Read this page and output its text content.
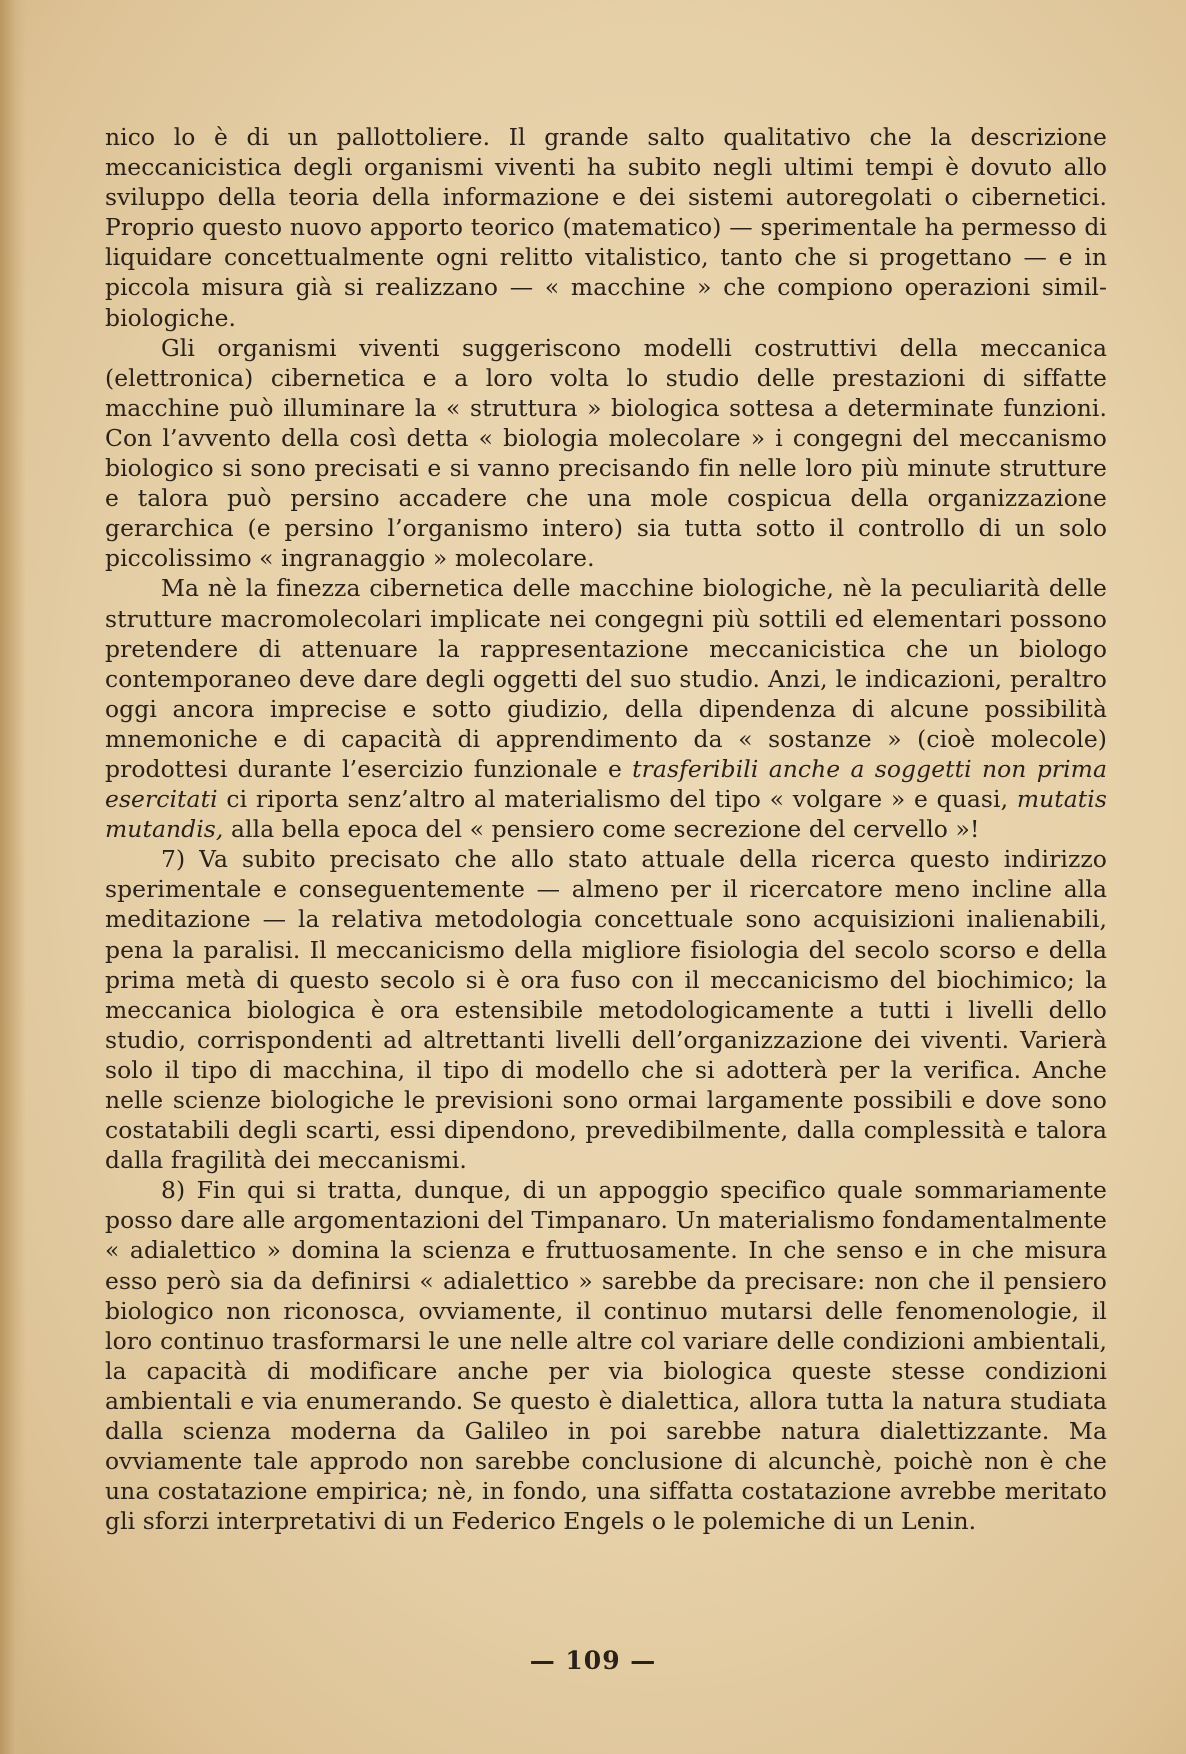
nico lo è di un pallottoliere. Il grande salto qualitativo che la descrizione meccanicistica degli organismi viventi ha subito negli ultimi tempi è dovuto allo sviluppo della teoria della informazione e dei sistemi autoregolati o cibernetici. Proprio questo nuovo apporto teorico (matematico) — sperimentale ha permesso di liquidare concettualmente ogni relitto vitalistico, tanto che si progettano — e in piccola misura già si realizzano — « macchine » che compiono operazioni simil-biologiche.

Gli organismi viventi suggeriscono modelli costruttivi della meccanica (elettronica) cibernetica e a loro volta lo studio delle prestazioni di siffatte macchine può illuminare la « struttura » biologica sottesa a determinate funzioni. Con l’avvento della così detta « biologia molecolare » i congegni del meccanismo biologico si sono precisati e si vanno precisando fin nelle loro più minute strutture e talora può persino accadere che una mole cospicua della organizzazione gerarchica (e persino l’organismo intero) sia tutta sotto il controllo di un solo piccolissimo « ingranaggio » molecolare.

Ma nè la finezza cibernetica delle macchine biologiche, nè la peculiarità delle strutture macromolecolari implicate nei congegni più sottili ed elementari possono pretendere di attenuare la rappresentazione meccanicistica che un biologo contemporaneo deve dare degli oggetti del suo studio. Anzi, le indicazioni, peraltro oggi ancora imprecise e sotto giudizio, della dipendenza di alcune possibilità mnemoniche e di capacità di apprendimento da « sostanze » (cioè molecole) prodottesi durante l’esercizio funzionale e trasferibili anche a soggetti non prima esercitati ci riporta senz’altro al materialismo del tipo « volgare » e quasi, mutatis mutandis, alla bella epoca del « pensiero come secrezione del cervello »!

7) Va subito precisato che allo stato attuale della ricerca questo indirizzo sperimentale e conseguentemente — almeno per il ricercatore meno incline alla meditazione — la relativa metodologia concettuale sono acquisizioni inalienabili, pena la paralisi. Il meccanicismo della migliore fisiologia del secolo scorso e della prima metà di questo secolo si è ora fuso con il meccanicismo del biochimico; la meccanica biologica è ora estensibile metodologicamente a tutti i livelli dello studio, corrispondenti ad altrettanti livelli dell’organizzazione dei viventi. Varierà solo il tipo di macchina, il tipo di modello che si adotterà per la verifica. Anche nelle scienze biologiche le previsioni sono ormai largamente possibili e dove sono costatabili degli scarti, essi dipendono, prevedibilmente, dalla complessità e talora dalla fragilità dei meccanismi.

8) Fin qui si tratta, dunque, di un appoggio specifico quale sommariamente posso dare alle argomentazioni del Timpanaro. Un materialismo fondamentalmente « adialettico » domina la scienza e fruttuosamente. In che senso e in che misura esso però sia da definirsi « adialettico » sarebbe da precisare: non che il pensiero biologico non riconosca, ovviamente, il continuo mutarsi delle fenomenologie, il loro continuo trasformarsi le une nelle altre col variare delle condizioni ambientali, la capacità di modificare anche per via biologica queste stesse condizioni ambientali e via enumerando. Se questo è dialettica, allora tutta la natura studiata dalla scienza moderna da Galileo in poi sarebbe natura dialettizzante. Ma ovviamente tale approdo non sarebbe conclusione di alcunchè, poichè non è che una costatazione empirica; nè, in fondo, una siffatta costatazione avrebbe meritato gli sforzi interpretativi di un Federico Engels o le polemiche di un Lenin.

— 109 —
